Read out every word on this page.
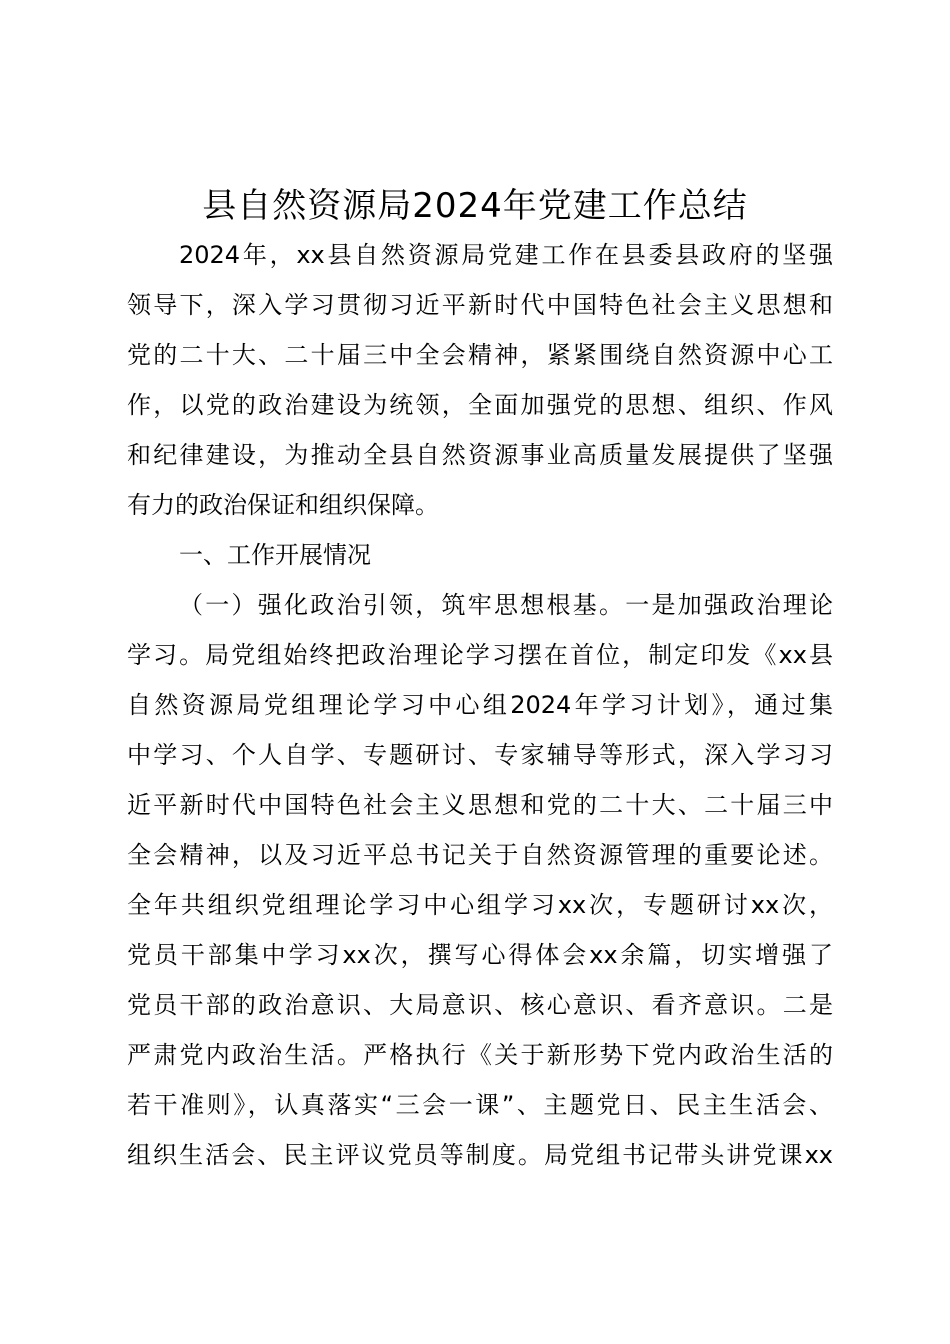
县自然资源局2024年党建工作总结
2024年，xx县自然资源局党建工作在县委县政府的坚强
领导下，深入学习贯彻习近平新时代中国特色社会主义思想和
党的二十大、二十届三中全会精神，紧紧围绕自然资源中心工
作，以党的政治建设为统领，全面加强党的思想、组织、作风
和纪律建设，为推动全县自然资源事业高质量发展提供了坚强
有力的政治保证和组织保障。
一、工作开展情况
（一）强化政治引领，筑牢思想根基。一是加强政治理论
学习。局党组始终把政治理论学习摆在首位，制定印发《xx县
自然资源局党组理论学习中心组2024年学习计划》，通过集
中学习、个人自学、专题研讨、专家辅导等形式，深入学习习
近平新时代中国特色社会主义思想和党的二十大、二十届三中
全会精神，以及习近平总书记关于自然资源管理的重要论述。
全年共组织党组理论学习中心组学习xx次，专题研讨xx次，
党员干部集中学习xx次，撰写心得体会xx余篇，切实增强了
党员干部的政治意识、大局意识、核心意识、看齐意识。二是
严肃党内政治生活。严格执行《关于新形势下党内政治生活的
若干准则》，认真落实“三会一课”、主题党日、民主生活会、
组织生活会、民主评议党员等制度。局党组书记带头讲党课xx
